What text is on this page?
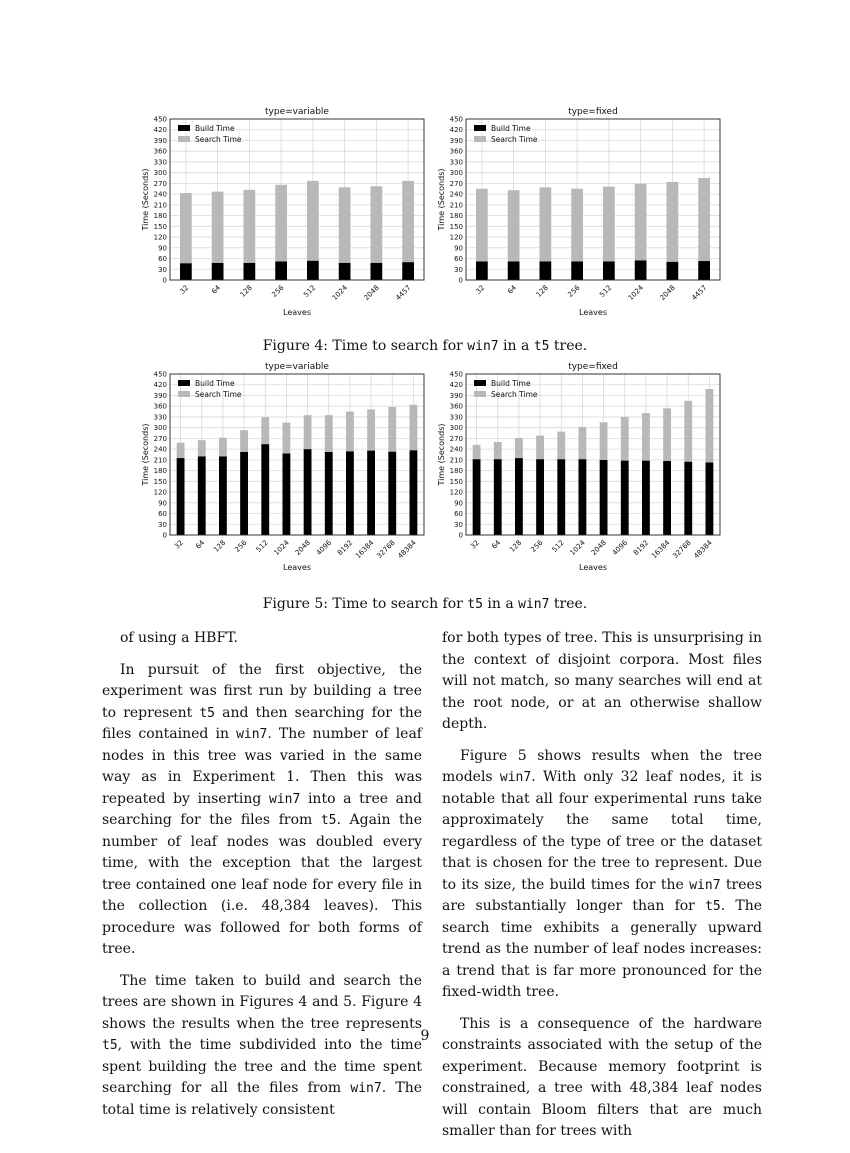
type=variable
0
30
60
90
120
150
180
210
240
270
300
330
360
390
420
450
32	64 128 256 512 1024 2048 4457
Leaves
Time (Seconds)
Build Time
Search Time
type=fixed
0
30
60
90
120
150
180
210
240
270
300
330
360
390
420
450
32	64 128 256 512 1024 2048 4457
Leaves
Time (Seconds)
Build Time
Search Time
Figure 4: Time to search for win7 in a t5 tree.
type=variable
0
30
60
90
120
150
180
210
240
270
300
330
360
390
420
450
32 64 128 256 512 1024 2048 4096 8192 16384 32768 48384
Leaves
Time (Seconds)
Build Time
Search Time
type=fixed
0
30
60
90
120
150
180
210
240
270
300
330
360
390
420
450
32 64 128 256 512 1024 2048 4096 8192 16384 32768 48384
Leaves
Time (Seconds)
Build Time
Search Time
Figure 5: Time to search for t5 in a win7 tree.

of using a HBFT.

In pursuit of the first objective, the experiment was first run by building a tree to represent t5 and then searching for the files contained in win7. The number of leaf nodes in this tree was varied in the same way as in Experiment 1. Then this was repeated by inserting win7 into a tree and searching for the files from t5. Again the number of leaf nodes was doubled every time, with the exception that the largest tree contained one leaf node for every file in the collection (i.e. 48,384 leaves). This procedure was followed for both forms of tree.

The time taken to build and search the trees are shown in Figures 4 and 5. Figure 4 shows the results when the tree represents t5, with the time subdivided into the time spent building the tree and the time spent searching for all the files from win7. The total time is relatively consistent

for both types of tree. This is unsurprising in the context of disjoint corpora. Most files will not match, so many searches will end at the root node, or at an otherwise shallow depth.

Figure 5 shows results when the tree models win7. With only 32 leaf nodes, it is notable that all four experimental runs take approximately the same total time, regardless of the type of tree or the dataset that is chosen for the tree to represent. Due to its size, the build times for the win7 trees are substantially longer than for t5. The search time exhibits a generally upward trend as the number of leaf nodes increases: a trend that is far more pronounced for the fixed-width tree.

This is a consequence of the hardware constraints associated with the setup of the experiment. Because memory footprint is constrained, a tree with 48,384 leaf nodes will contain Bloom filters that are much smaller than for trees with

9
